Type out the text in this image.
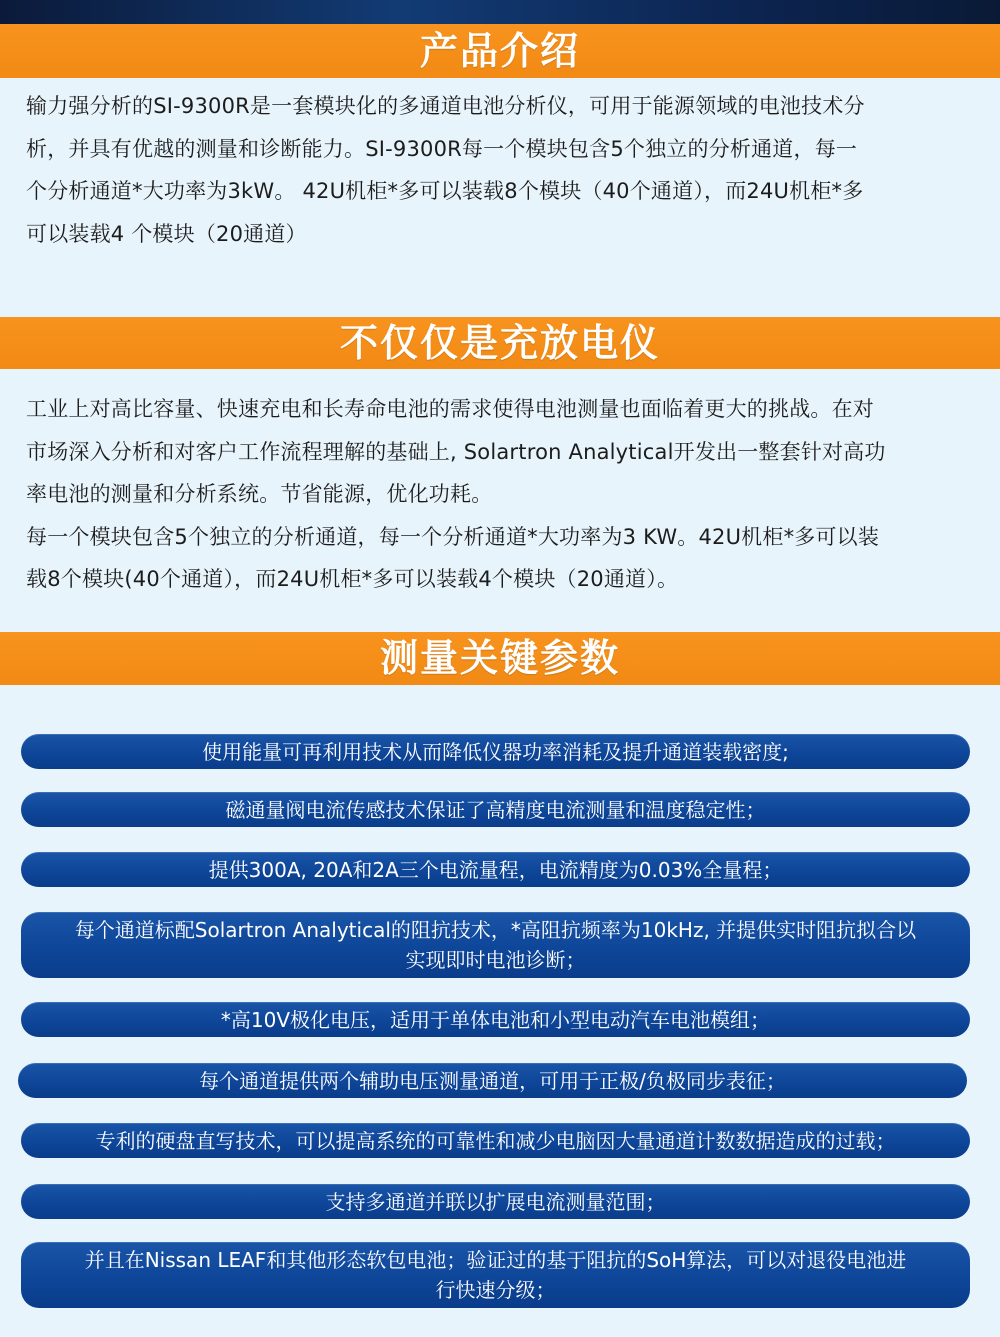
产品介绍
输力强分析的SI-9300R是一套模块化的多通道电池分析仪，可用于能源领域的电池技术分
析，并具有优越的测量和诊断能力。SI-9300R每一个模块包含5个独立的分析通道，每一
个分析通道*大功率为3kW。 42U机柜*多可以装载8个模块（40个通道），而24U机柜*多
可以装载4 个模块（20通道）
不仅仅是充放电仪
工业上对高比容量、快速充电和长寿命电池的需求使得电池测量也面临着更大的挑战。在对
市场深入分析和对客户工作流程理解的基础上, Solartron Analytical开发出一整套针对高功
率电池的测量和分析系统。节省能源，优化功耗。
每一个模块包含5个独立的分析通道，每一个分析通道*大功率为3 KW。42U机柜*多可以装
载8个模块(40个通道），而24U机柜*多可以装载4个模块（20通道）。
测量关键参数
使用能量可再利用技术从而降低仪器功率消耗及提升通道装载密度;
磁通量阀电流传感技术保证了高精度电流测量和温度稳定性；
提供300A, 20A和2A三个电流量程，电流精度为0.03%全量程；
每个通道标配Solartron Analytical的阻抗技术，*高阻抗频率为10kHz, 并提供实时阻抗拟合以
实现即时电池诊断；
*高10V极化电压，适用于单体电池和小型电动汽车电池模组；
每个通道提供两个辅助电压测量通道，可用于正极/负极同步表征；
专利的硬盘直写技术，可以提高系统的可靠性和减少电脑因大量通道计数数据造成的过载；
支持多通道并联以扩展电流测量范围；
并且在Nissan LEAF和其他形态软包电池；验证过的基于阻抗的SoH算法，可以对退役电池进
行快速分级；
